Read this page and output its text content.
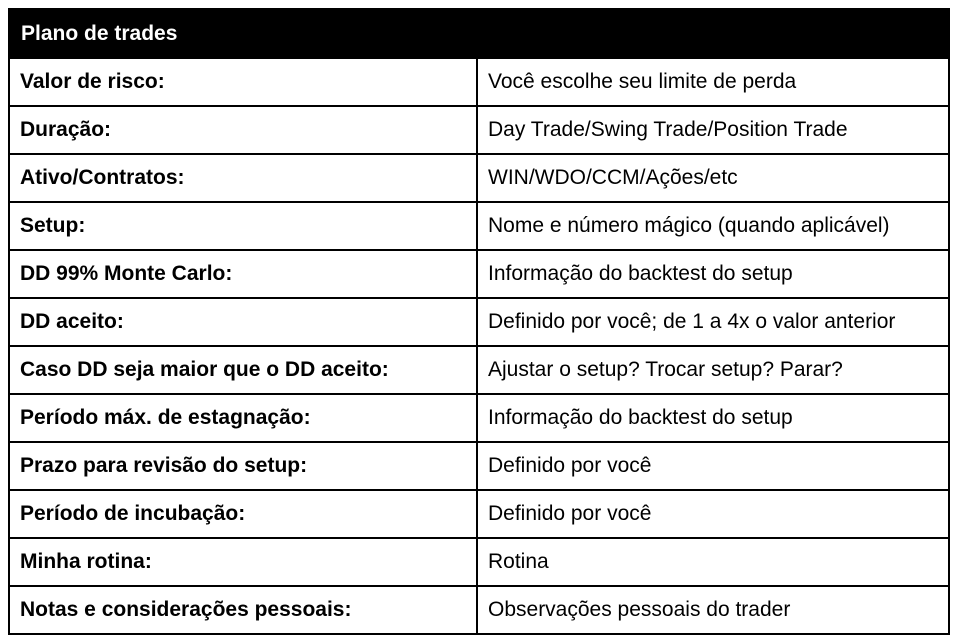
Plano de trades	
Valor de risco:	Você escolhe seu limite de perda
Duração:	Day Trade/Swing Trade/Position Trade
Ativo/Contratos:	WIN/WDO/CCM/Ações/etc
Setup:	Nome e número mágico (quando aplicável)
DD 99% Monte Carlo:	Informação do backtest do setup
DD aceito:	Definido por você; de 1 a 4x o valor anterior
Caso DD seja maior que o DD aceito:	Ajustar o setup? Trocar setup? Parar?
Período máx. de estagnação:	Informação do backtest do setup
Prazo para revisão do setup:	Definido por você
Período de incubação:	Definido por você
Minha rotina:	Rotina
Notas e considerações pessoais:	Observações pessoais do trader
